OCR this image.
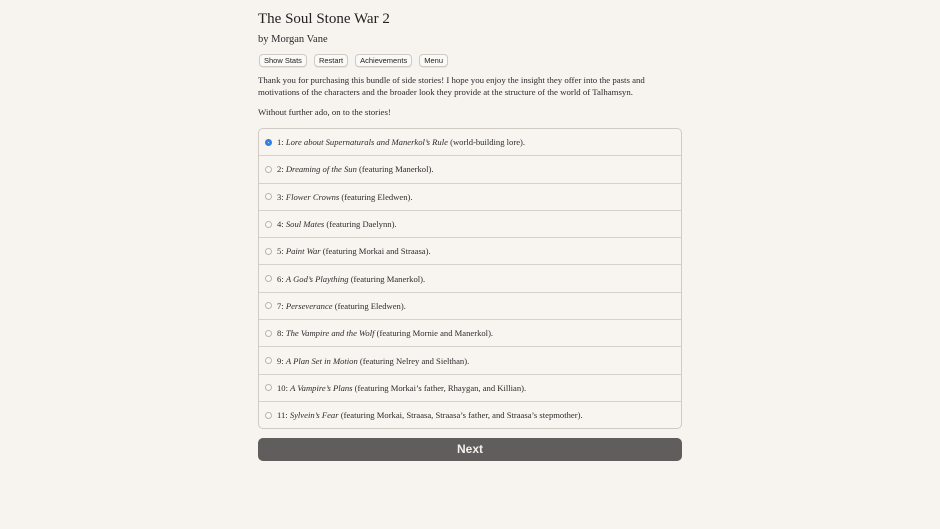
The Soul Stone War 2
by Morgan Vane
Show Stats	Restart	Achievements	Menu
Thank you for purchasing this bundle of side stories! I hope you enjoy the insight they offer into the pasts and motivations of the characters and the broader look they provide at the structure of the world of Talhamsyn.
Without further ado, on to the stories!
1: Lore about Supernaturals and Manerkol’s Rule (world-building lore).
2: Dreaming of the Sun (featuring Manerkol).
3: Flower Crowns (featuring Eledwen).
4: Soul Mates (featuring Daelynn).
5: Paint War (featuring Morkai and Straasa).
6: A God’s Plaything (featuring Manerkol).
7: Perseverance (featuring Eledwen).
8: The Vampire and the Wolf (featuring Mornie and Manerkol).
9: A Plan Set in Motion (featuring Nelrey and Sielthan).
10: A Vampire’s Plans (featuring Morkai’s father, Rhaygan, and Killian).
11: Sylvein’s Fear (featuring Morkai, Straasa, Straasa’s father, and Straasa’s stepmother).
Next
